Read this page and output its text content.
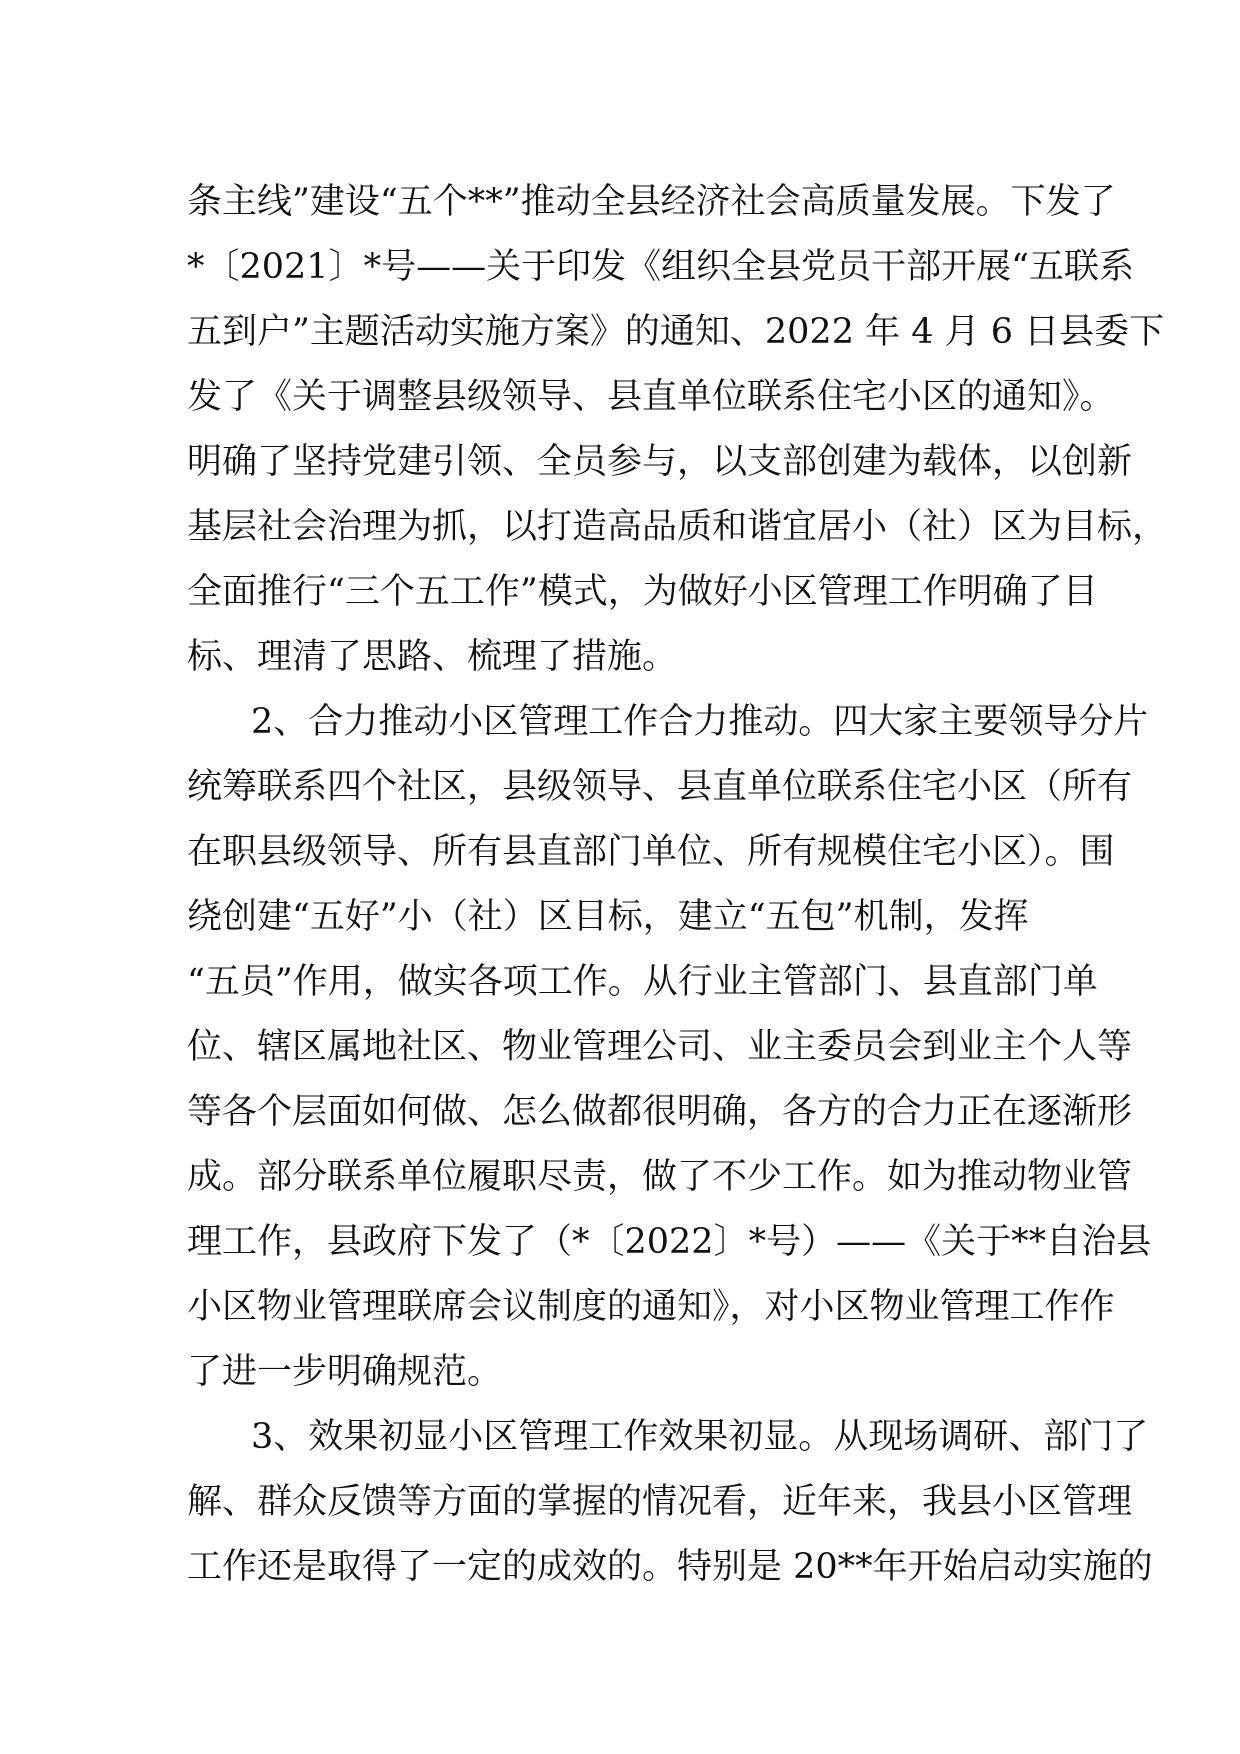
条主线”建设“五个**”推动全县经济社会高质量发展。下发了
*〔2021〕*号——关于印发《组织全县党员干部开展“五联系
五到户”主题活动实施方案》的通知、2022 年 4 月 6 日县委下
发了《关于调整县级领导、县直单位联系住宅小区的通知》。
明确了坚持党建引领、全员参与，以支部创建为载体，以创新
基层社会治理为抓，以打造高品质和谐宜居小（社）区为目标，
全面推行“三个五工作”模式，为做好小区管理工作明确了目
标、理清了思路、梳理了措施。
2、合力推动小区管理工作合力推动。四大家主要领导分片
统筹联系四个社区，县级领导、县直单位联系住宅小区（所有
在职县级领导、所有县直部门单位、所有规模住宅小区）。围
绕创建“五好”小（社）区目标，建立“五包”机制，发挥
“五员”作用，做实各项工作。从行业主管部门、县直部门单
位、辖区属地社区、物业管理公司、业主委员会到业主个人等
等各个层面如何做、怎么做都很明确，各方的合力正在逐渐形
成。部分联系单位履职尽责，做了不少工作。如为推动物业管
理工作，县政府下发了（*〔2022〕*号）——《关于**自治县
小区物业管理联席会议制度的通知》，对小区物业管理工作作
了进一步明确规范。
3、效果初显小区管理工作效果初显。从现场调研、部门了
解、群众反馈等方面的掌握的情况看，近年来，我县小区管理
工作还是取得了一定的成效的。特别是 20**年开始启动实施的
